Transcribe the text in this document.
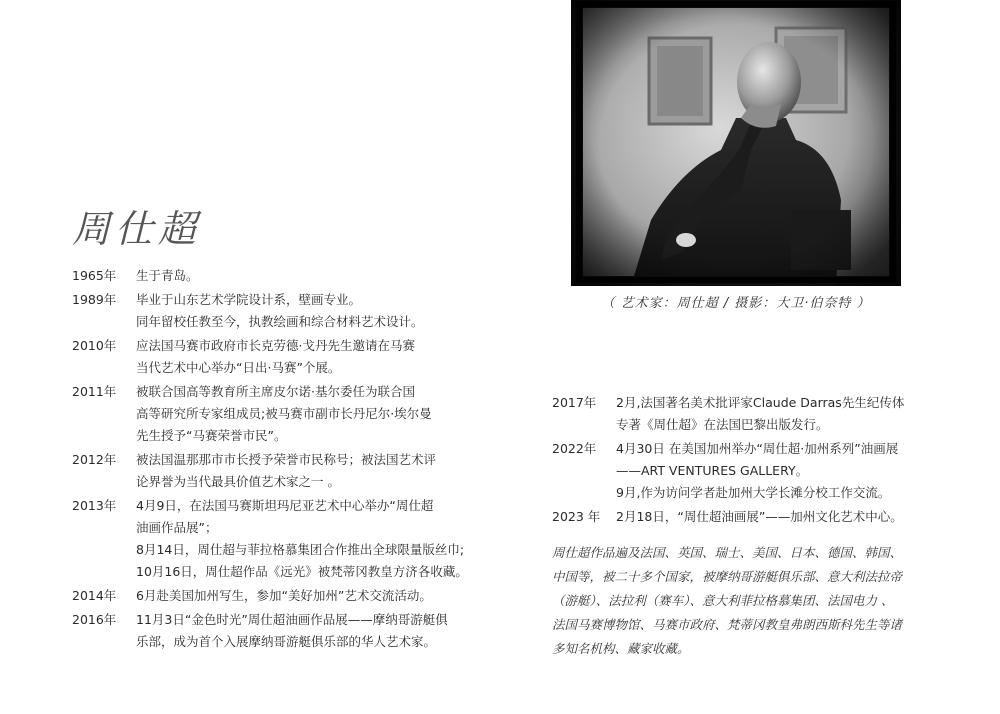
周仕超
（ 艺术家：周仕超 / 摄影：大卫·伯奈特 ）
1965年	生于青岛。
1989年	毕业于山东艺术学院设计系，壁画专业。
同年留校任教至今，执教绘画和综合材料艺术设计。
2010年	应法国马赛市政府市长克劳德·戈丹先生邀请在马赛
当代艺术中心举办“日出·马赛”个展。
2011年	被联合国高等教育所主席皮尔诺·基尔委任为联合国
高等研究所专家组成员;被马赛市副市长丹尼尔·埃尔曼
先生授予“马赛荣誉市民”。
2012年	被法国温那那市市长授予荣誉市民称号；被法国艺术评
论界誉为当代最具价值艺术家之一 。
2013年	4月9日，在法国马赛斯坦玛尼亚艺术中心举办“周仕超
油画作品展”；
8月14日，周仕超与菲拉格慕集团合作推出全球限量版丝巾;
10月16日，周仕超作品《远光》被梵蒂冈教皇方济各收藏。
2014年	6月赴美国加州写生，参加“美好加州”艺术交流活动。
2016年	11月3日“金色时光”周仕超油画作品展——摩纳哥游艇俱
乐部，成为首个入展摩纳哥游艇俱乐部的华人艺术家。
2017年	2月,法国著名美术批评家Claude Darras先生纪传体
专著《周仕超》在法国巴黎出版发行。
2022年	4月30日 在美国加州举办“周仕超·加州系列”油画展
——ART VENTURES GALLERY。
9月,作为访问学者赴加州大学长滩分校工作交流。
2023 年	2月18日，“周仕超油画展”——加州文化艺术中心。
周仕超作品遍及法国、英国、瑞士、美国、日本、德国、韩国、
中国等，被二十多个国家，被摩纳哥游艇俱乐部、意大利法拉帝
（游艇）、法拉利（赛车）、意大利菲拉格慕集团、法国电力 、
法国马赛博物馆、马赛市政府、梵蒂冈教皇弗朗西斯科先生等诸
多知名机构、藏家收藏。
